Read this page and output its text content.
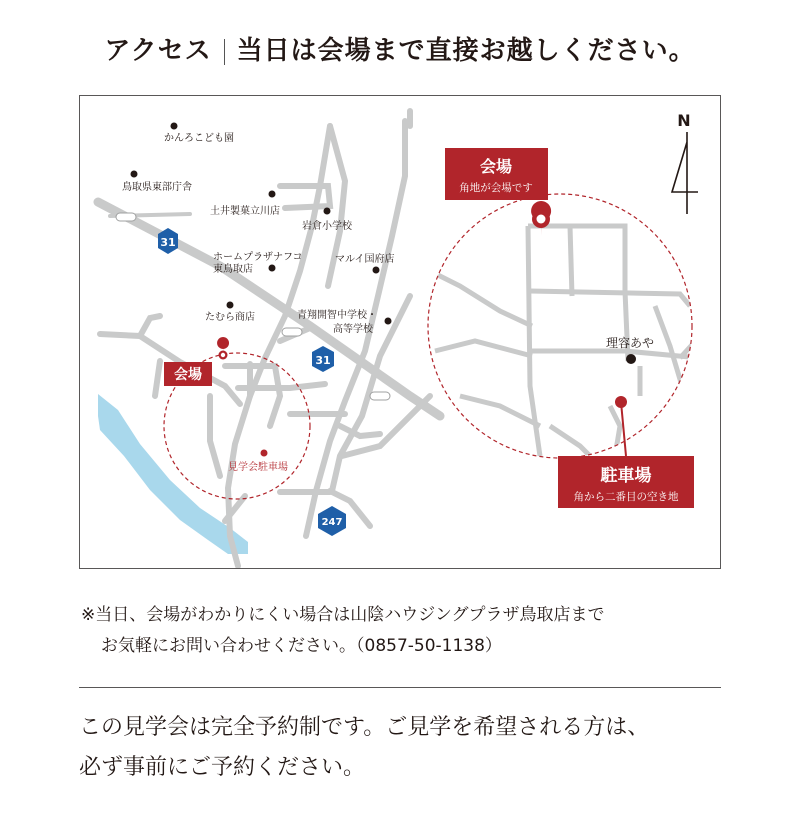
アクセス 当日は会場まで直接お越しください。
31
31
247
かんろこども園
鳥取県東部庁舎
土井製菓立川店
岩倉小学校
ホームプラザナフコ
東鳥取店
マルイ国府店
たむら商店	青翔開智中学校・
高等学校
会場
見学会駐車場
会場
角地が会場です
理容あや
駐車場
角から二番目の空き地
N
※当日、会場がわかりにくい場合は山陰ハウジングプラザ鳥取店まで
お気軽にお問い合わせください。（0857-50-1138）
この見学会は完全予約制です。ご見学を希望される方は、
必ず事前にご予約ください。
